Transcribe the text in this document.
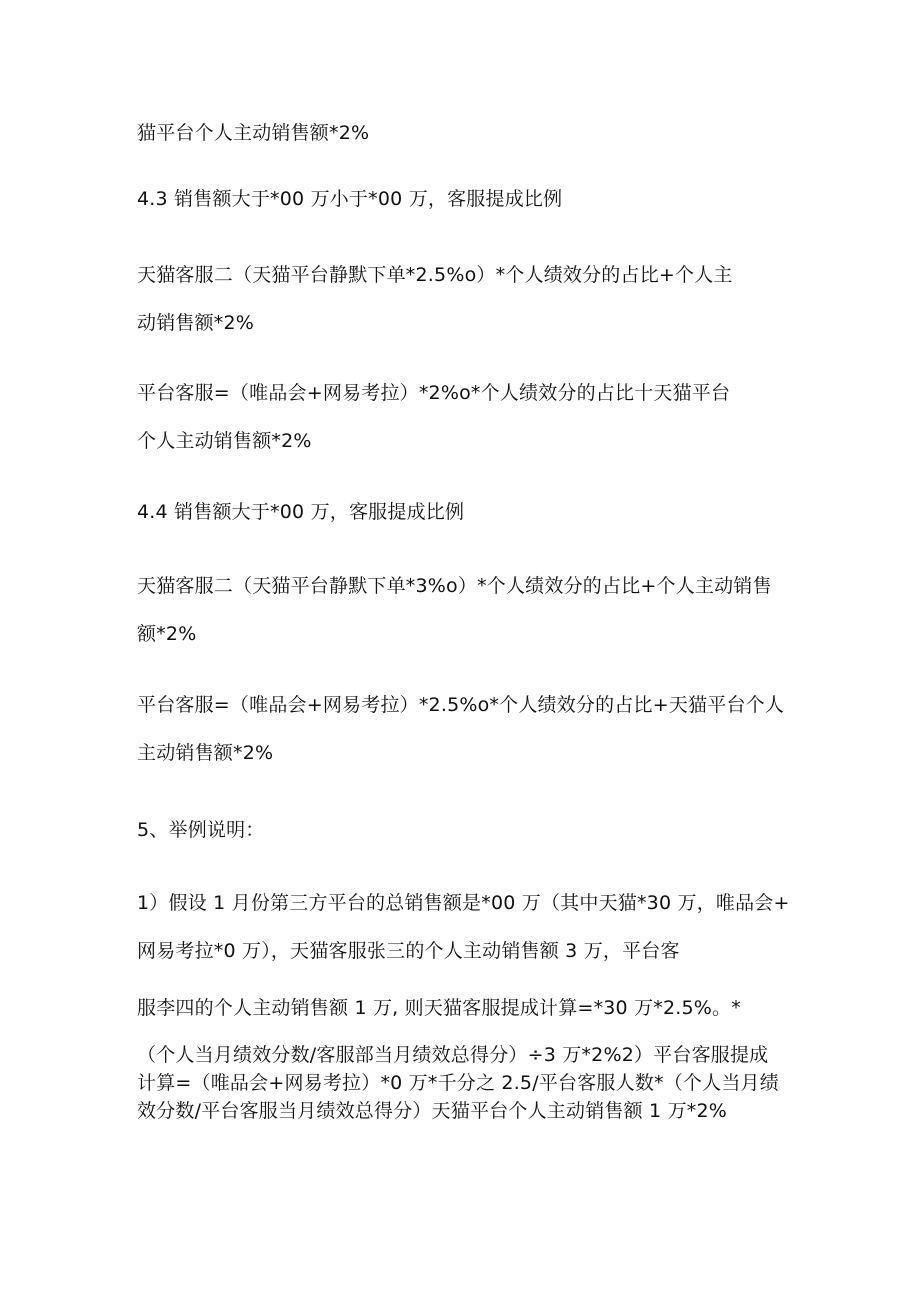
猫平台个人主动销售额*2%
4.3 销售额大于*00 万小于*00 万，客服提成比例
天猫客服二（天猫平台静默下单*2.5%o）*个人绩效分的占比+个人主
动销售额*2%
平台客服=（唯品会+网易考拉）*2%o*个人绩效分的占比十天猫平台
个人主动销售额*2%
4.4 销售额大于*00 万，客服提成比例
天猫客服二（天猫平台静默下单*3%o）*个人绩效分的占比+个人主动销售
额*2%
平台客服=（唯品会+网易考拉）*2.5%o*个人绩效分的占比+天猫平台个人
主动销售额*2%
5、举例说明：
1）假设 1 月份第三方平台的总销售额是*00 万（其中天猫*30 万，唯品会+
网易考拉*0 万），天猫客服张三的个人主动销售额 3 万，平台客
服李四的个人主动销售额 1 万, 则天猫客服提成计算=*30 万*2.5%。*
（个人当月绩效分数/客服部当月绩效总得分）÷3 万*2%2）平台客服提成
计算=（唯品会+网易考拉）*0 万*千分之 2.5/平台客服人数*（个人当月绩
效分数/平台客服当月绩效总得分）天猫平台个人主动销售额 1 万*2%
